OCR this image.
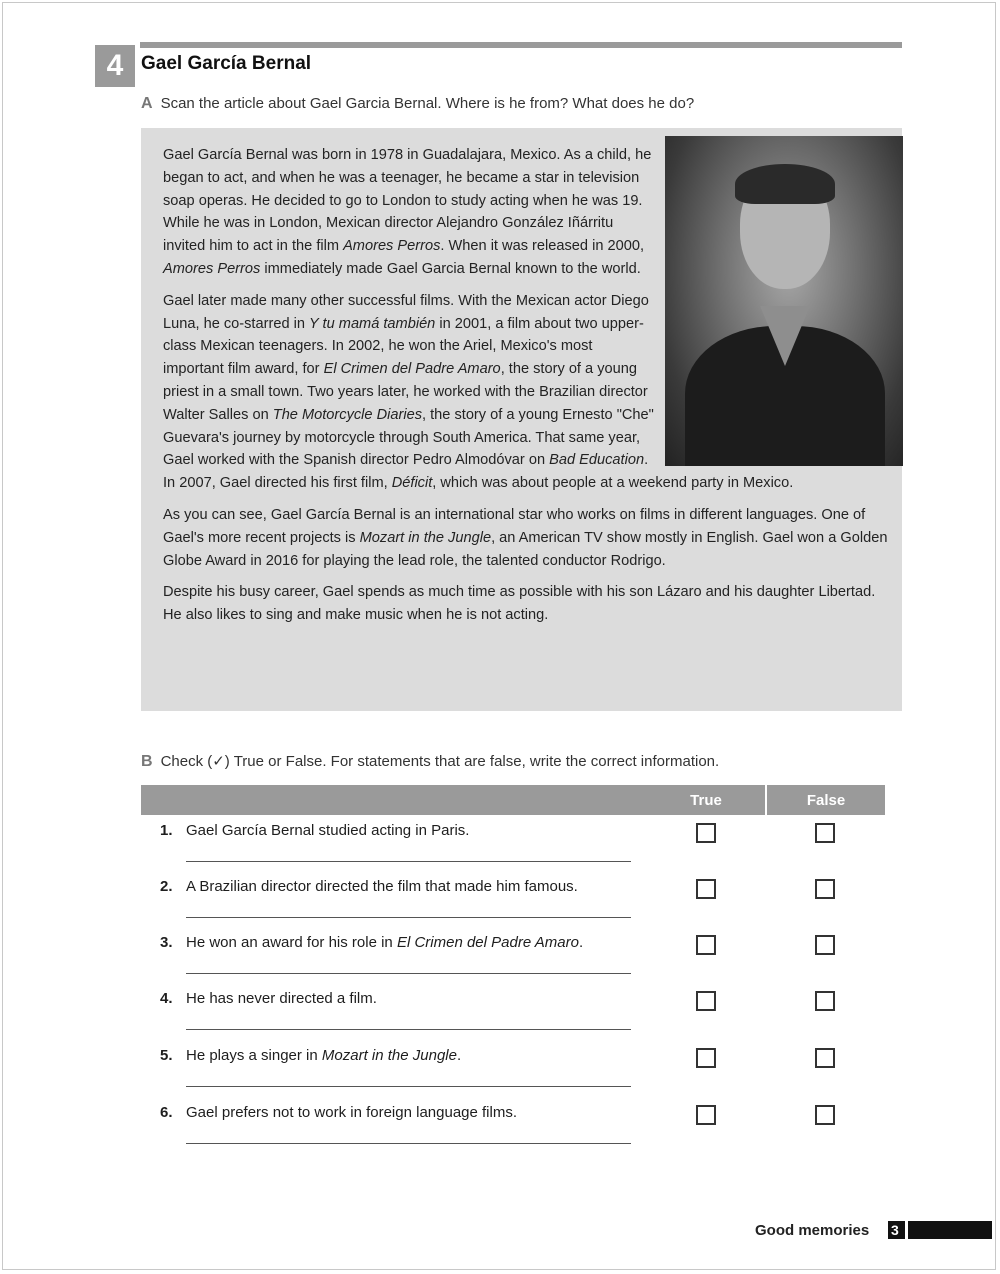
4 Gael García Bernal
A Scan the article about Gael Garcia Bernal. Where is he from? What does he do?

Gael García Bernal was born in 1978 in Guadalajara, Mexico. As a child, he began to act, and when he was a teenager, he became a star in television soap operas. He decided to go to London to study acting when he was 19. While he was in London, Mexican director Alejandro González Iñárritu invited him to act in the film Amores Perros. When it was released in 2000, Amores Perros immediately made Gael Garcia Bernal known to the world.

Gael later made many other successful films. With the Mexican actor Diego Luna, he co-starred in Y tu mamá también in 2001, a film about two upper-class Mexican teenagers. In 2002, he won the Ariel, Mexico's most important film award, for El Crimen del Padre Amaro, the story of a young priest in a small town. Two years later, he worked with the Brazilian director Walter Salles on The Motorcycle Diaries, the story of a young Ernesto "Che" Guevara's journey by motorcycle through South America. That same year, Gael worked with the Spanish director Pedro Almodóvar on Bad Education. In 2007, Gael directed his first film, Déficit, which was about people at a weekend party in Mexico.

As you can see, Gael García Bernal is an international star who works on films in different languages. One of Gael's more recent projects is Mozart in the Jungle, an American TV show mostly in English. Gael won a Golden Globe Award in 2016 for playing the lead role, the talented conductor Rodrigo.

Despite his busy career, Gael spends as much time as possible with his son Lázaro and his daughter Libertad. He also likes to sing and make music when he is not acting.

B Check (✓) True or False. For statements that are false, write the correct information.
True	False
1. Gael García Bernal studied acting in Paris.
2. A Brazilian director directed the film that made him famous.
3. He won an award for his role in El Crimen del Padre Amaro.
4. He has never directed a film.
5. He plays a singer in Mozart in the Jungle.
6. Gael prefers not to work in foreign language films.
Good memories 3
